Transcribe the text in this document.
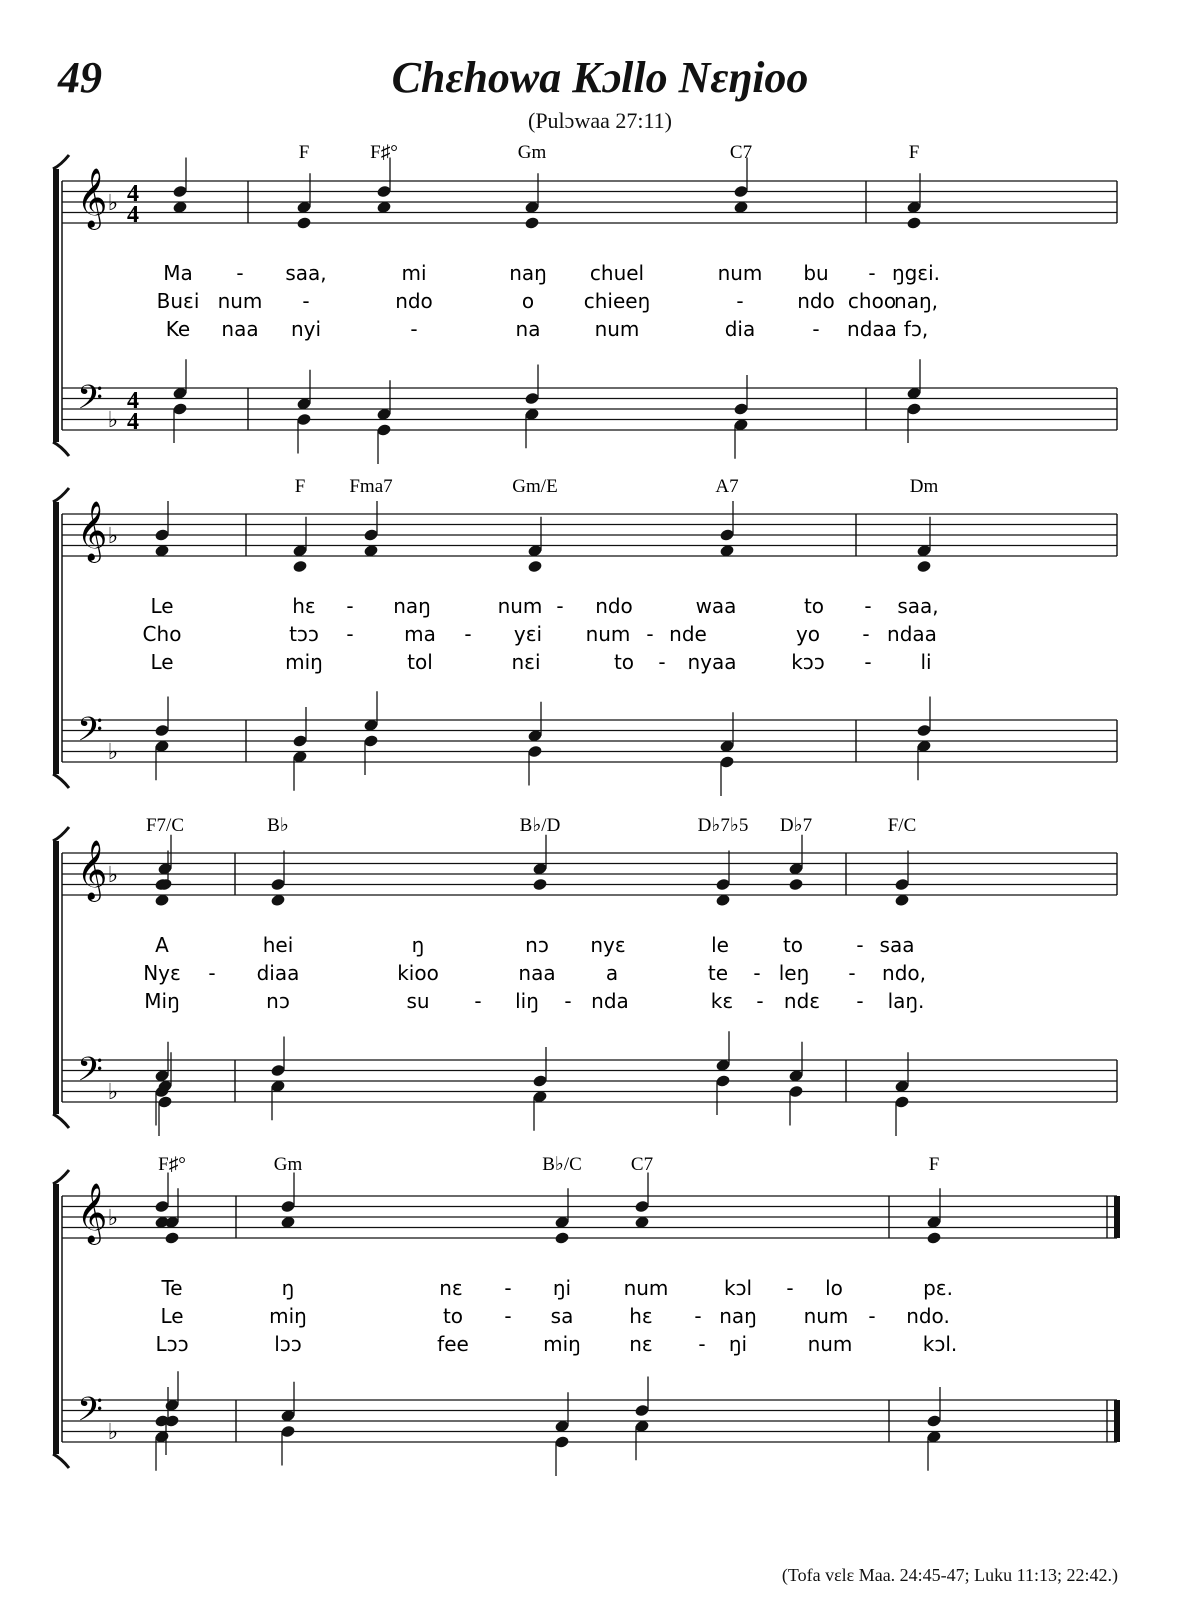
49	Chɛhowa Kɔllo Nɛŋioo
(Pulɔwaa 27:11)
𝄞
𝄢
♭
♭
4
4
4
4
F	F♯°	Gm	C7	F
Ma - saa,	mi	naŋ chuel	num bu - ŋgɛi.
Buɛi num -	ndo	o chieeŋ	-	ndo choo
naŋ,
Ke naa nyi	-	na	num	dia	- ndaa fɔ,
𝄞
𝄢
♭
♭
F Fma7	Gm/E	A7	Dm
Le	hɛ - naŋ	num - ndo	waa	to - saa,
Cho	tɔɔ -	ma - yɛi num - nde	yo - ndaa
Le	miŋ	tol	nɛi	to - nyaa	kɔɔ - li
𝄞
𝄢
♭
♭
F7/C	B♭	B♭/D	D♭7♭5 D♭7	F/C
A	hei	ŋ	nɔ nyɛ	le	to	- saa
Nyɛ - diaa	kioo	naa	a	te - leŋ - ndo,
Miŋ	nɔ	su - liŋ - nda	kɛ - ndɛ - laŋ.
𝄞
𝄢
♭
♭
F♯°	Gm	B♭/C	C7	F
Te	ŋ	nɛ - ŋi	num	kɔl - lo	pɛ.
Le	miŋ	to - sa	hɛ - naŋ num - ndo.
Lɔɔ	lɔɔ	fee	miŋ nɛ - ŋi	num	kɔl.
(Tofa vɛlɛ Maa. 24:45-47; Luku 11:13; 22:42.)
